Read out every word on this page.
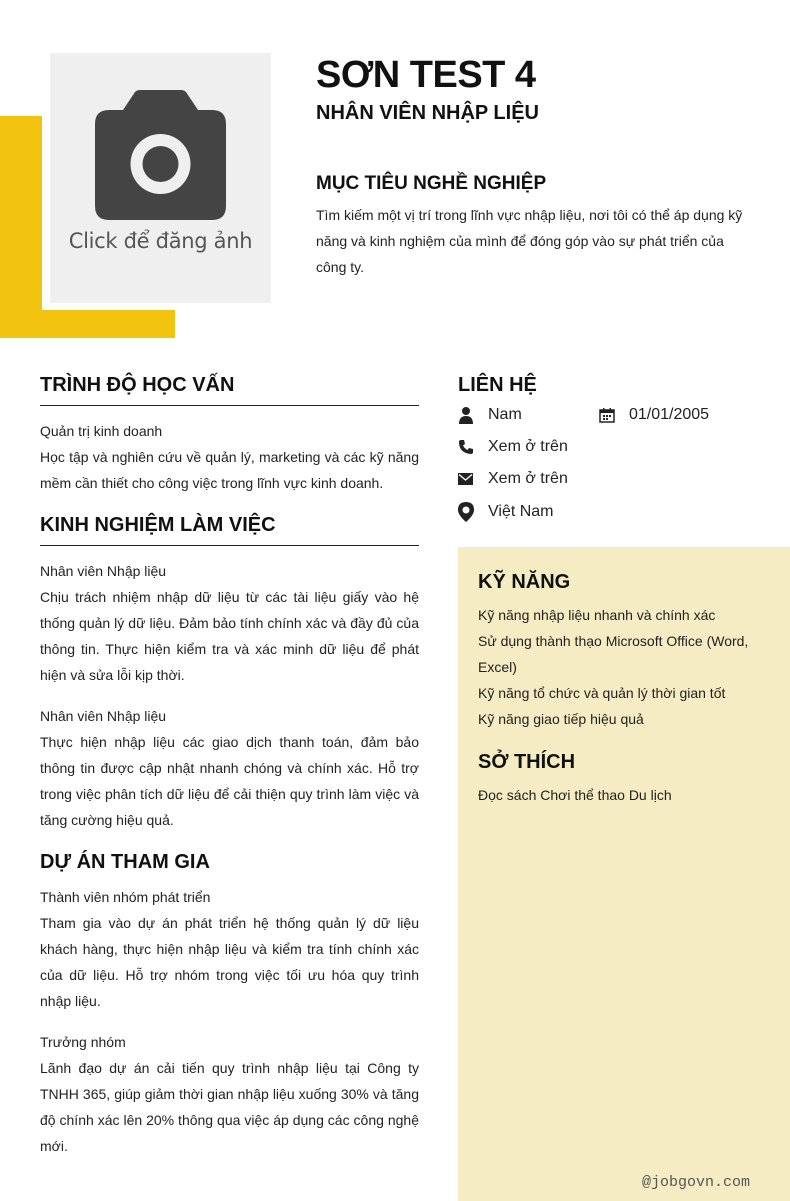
Click để đăng ảnh
SƠN TEST 4
NHÂN VIÊN NHẬP LIỆU
MỤC TIÊU NGHỀ NGHIỆP
Tìm kiếm một vị trí trong lĩnh vực nhập liệu, nơi tôi có thể áp dụng kỹ năng và kinh nghiệm của mình để đóng góp vào sự phát triển của công ty.
TRÌNH ĐỘ HỌC VẤN
Quản trị kinh doanh
Học tập và nghiên cứu về quản lý, marketing và các kỹ năng mềm cần thiết cho công việc trong lĩnh vực kinh doanh.
KINH NGHIỆM LÀM VIỆC
Nhân viên Nhập liệu
Chịu trách nhiệm nhập dữ liệu từ các tài liệu giấy vào hệ thống quản lý dữ liệu. Đảm bảo tính chính xác và đầy đủ của thông tin. Thực hiện kiểm tra và xác minh dữ liệu để phát hiện và sửa lỗi kịp thời.
Nhân viên Nhập liệu
Thực hiện nhập liệu các giao dịch thanh toán, đảm bảo thông tin được cập nhật nhanh chóng và chính xác. Hỗ trợ trong việc phân tích dữ liệu để cải thiện quy trình làm việc và tăng cường hiệu quả.
DỰ ÁN THAM GIA
Thành viên nhóm phát triển
Tham gia vào dự án phát triển hệ thống quản lý dữ liệu khách hàng, thực hiện nhập liệu và kiểm tra tính chính xác của dữ liệu. Hỗ trợ nhóm trong việc tối ưu hóa quy trình nhập liệu.
Trưởng nhóm
Lãnh đạo dự án cải tiến quy trình nhập liệu tại Công ty TNHH 365, giúp giảm thời gian nhập liệu xuống 30% và tăng độ chính xác lên 20% thông qua việc áp dụng các công nghệ mới.
LIÊN HỆ
Nam	01/01/2005
Xem ở trên
Xem ở trên
Việt Nam
KỸ NĂNG
Kỹ năng nhập liệu nhanh và chính xác
Sử dụng thành thạo Microsoft Office (Word, Excel)
Kỹ năng tổ chức và quản lý thời gian tốt
Kỹ năng giao tiếp hiệu quả
SỞ THÍCH
Đọc sách Chơi thể thao Du lịch
@jobgovn.com
